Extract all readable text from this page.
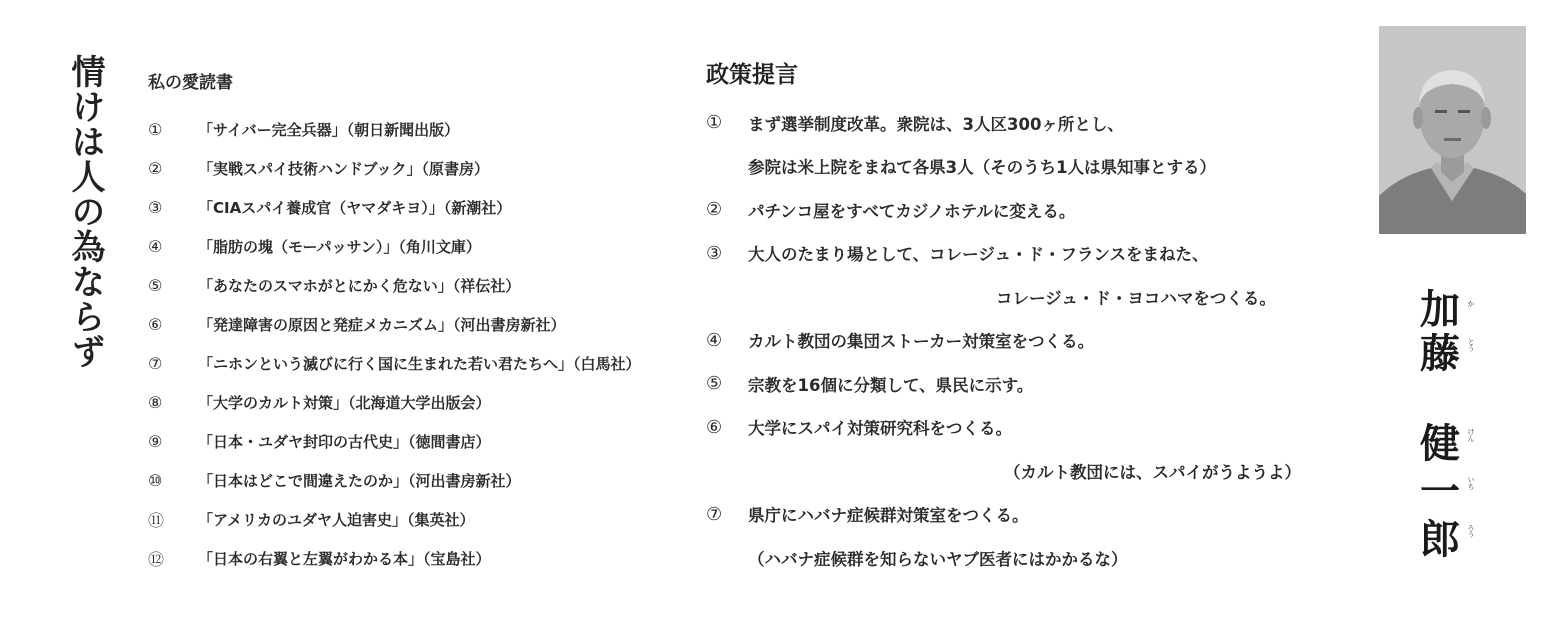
情けは人の為ならず	私の愛読書
①	「サイバー完全兵器」（朝日新聞出版）
②	「実戦スパイ技術ハンドブック」（原書房）
③	「CIAスパイ養成官（ヤマダキヨ）」（新潮社）
④	「脂肪の塊（モーパッサン）」（角川文庫）
⑤	「あなたのスマホがとにかく危ない」（祥伝社）
⑥	「発達障害の原因と発症メカニズム」（河出書房新社）
⑦	「ニホンという滅びに行く国に生まれた若い君たちへ」（白馬社）
⑧	「大学のカルト対策」（北海道大学出版会）
⑨	「日本・ユダヤ封印の古代史」（徳間書店）
⑩	「日本はどこで間違えたのか」（河出書房新社）
⑪	「アメリカのユダヤ人迫害史」（集英社）
⑫	「日本の右翼と左翼がわかる本」（宝島社）
政策提言
①	まず選挙制度改革。衆院は、3人区300ヶ所とし、
参院は米上院をまねて各県3人（そのうち1人は県知事とする）
②	パチンコ屋をすべてカジノホテルに変える。
③	大人のたまり場として、コレージュ・ド・フランスをまねた、
コレージュ・ド・ヨコハマをつくる。
④	カルト教団の集団ストーカー対策室をつくる。
⑤	宗教を16個に分類して、県民に示す。
⑥	大学にスパイ対策研究科をつくる。
（カルト教団には、スパイがうようよ）
⑦	県庁にハバナ症候群対策室をつくる。
（ハバナ症候群を知らないヤブ医者にはかかるな）
加 か
藤 とう
健 けん
一 いち
郎 ろう
